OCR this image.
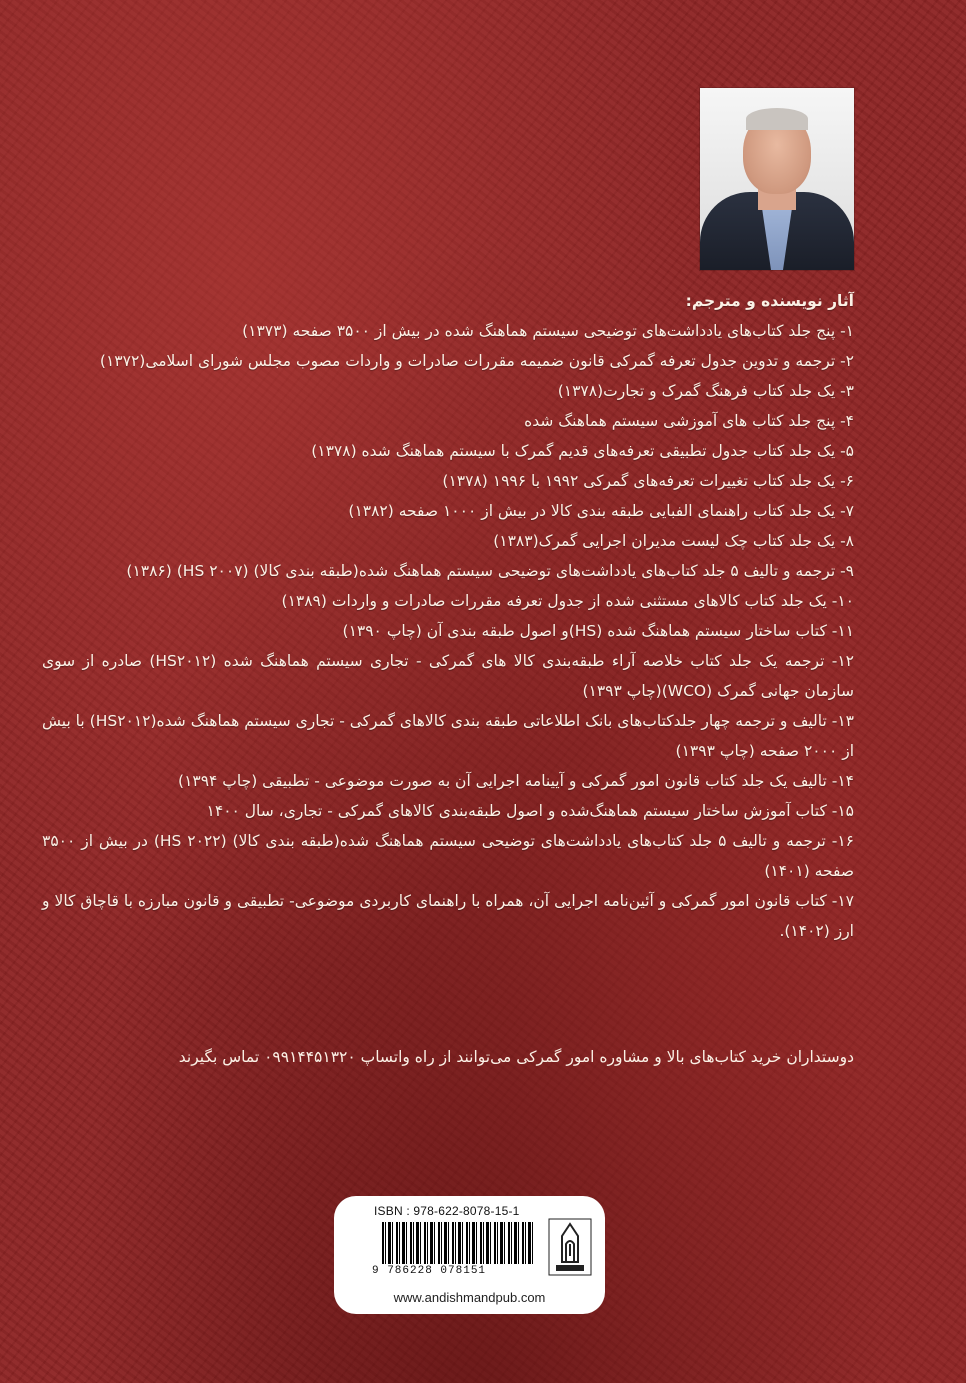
آثار نویسنده و مترجم:

۱- پنج جلد کتاب‌های یادداشت‌های توضیحی سیستم هماهنگ شده در بیش از ۳۵۰۰ صفحه (۱۳۷۳)
۲- ترجمه و تدوین جدول تعرفه گمرکی قانون ضمیمه مقررات صادرات و واردات مصوب مجلس شورای اسلامی(۱۳۷۲)
۳- یک جلد کتاب فرهنگ گمرک و تجارت(۱۳۷۸)
۴- پنج جلد کتاب های آموزشی سیستم هماهنگ شده
۵- یک جلد کتاب جدول تطبیقی تعرفه‌های قدیم گمرک با سیستم هماهنگ شده (۱۳۷۸)
۶- یک جلد کتاب تغییرات تعرفه‌های گمرکی ۱۹۹۲ با ۱۹۹۶ (۱۳۷۸)
۷- یک جلد کتاب راهنمای الفبایی طبقه بندی کالا در بیش از ۱۰۰۰ صفحه (۱۳۸۲)
۸- یک جلد کتاب چک لیست مدیران اجرایی گمرک(۱۳۸۳)
۹- ترجمه و تالیف ۵ جلد کتاب‌های یادداشت‌های توضیحی سیستم هماهنگ شده(طبقه بندی کالا) (HS ۲۰۰۷) (۱۳۸۶)
۱۰- یک جلد کتاب کالاهای مستثنی شده از جدول تعرفه مقررات صادرات و واردات (۱۳۸۹)
۱۱- کتاب ساختار سیستم هماهنگ شده (HS)و اصول طبقه بندی آن (چاپ ۱۳۹۰)
۱۲- ترجمه یک جلد کتاب خلاصه آراء طبقه‌بندی کالا های گمرکی - تجاری سیستم هماهنگ شده (HS۲۰۱۲) صادره از سوی سازمان جهانی گمرک (WCO)(چاپ ۱۳۹۳)
۱۳- تالیف و ترجمه چهار جلدکتاب‌های بانک اطلاعاتی طبقه بندی کالاهای گمرکی - تجاری سیستم هماهنگ شده(HS۲۰۱۲) با بیش از ۲۰۰۰ صفحه (چاپ ۱۳۹۳)
۱۴- تالیف یک جلد کتاب قانون امور گمرکی و آیینامه اجرایی آن به صورت موضوعی - تطبیقی (چاپ ۱۳۹۴)
۱۵- کتاب آموزش ساختار سیستم هماهنگ‌شده و اصول طبقه‌بندی کالاهای گمرکی - تجاری، سال ۱۴۰۰
۱۶- ترجمه و تالیف ۵ جلد کتاب‌های یادداشت‌های توضیحی سیستم هماهنگ شده(طبقه بندی کالا) (HS ۲۰۲۲) در بیش از ۳۵۰۰ صفحه (۱۴۰۱)
۱۷- کتاب قانون امور گمرکی و آئین‌نامه اجرایی آن، همراه با راهنمای کاربردی موضوعی- تطبیقی و قانون مبارزه با قاچاق کالا و ارز (۱۴۰۲).
دوستداران خرید کتاب‌های بالا و مشاوره امور گمرکی می‌توانند از راه واتساپ ۰۹۹۱۴۴۵۱۳۲۰ تماس بگیرند
ISBN : 978-622-8078-15-1
9 786228 078151
www.andishmandpub.com
